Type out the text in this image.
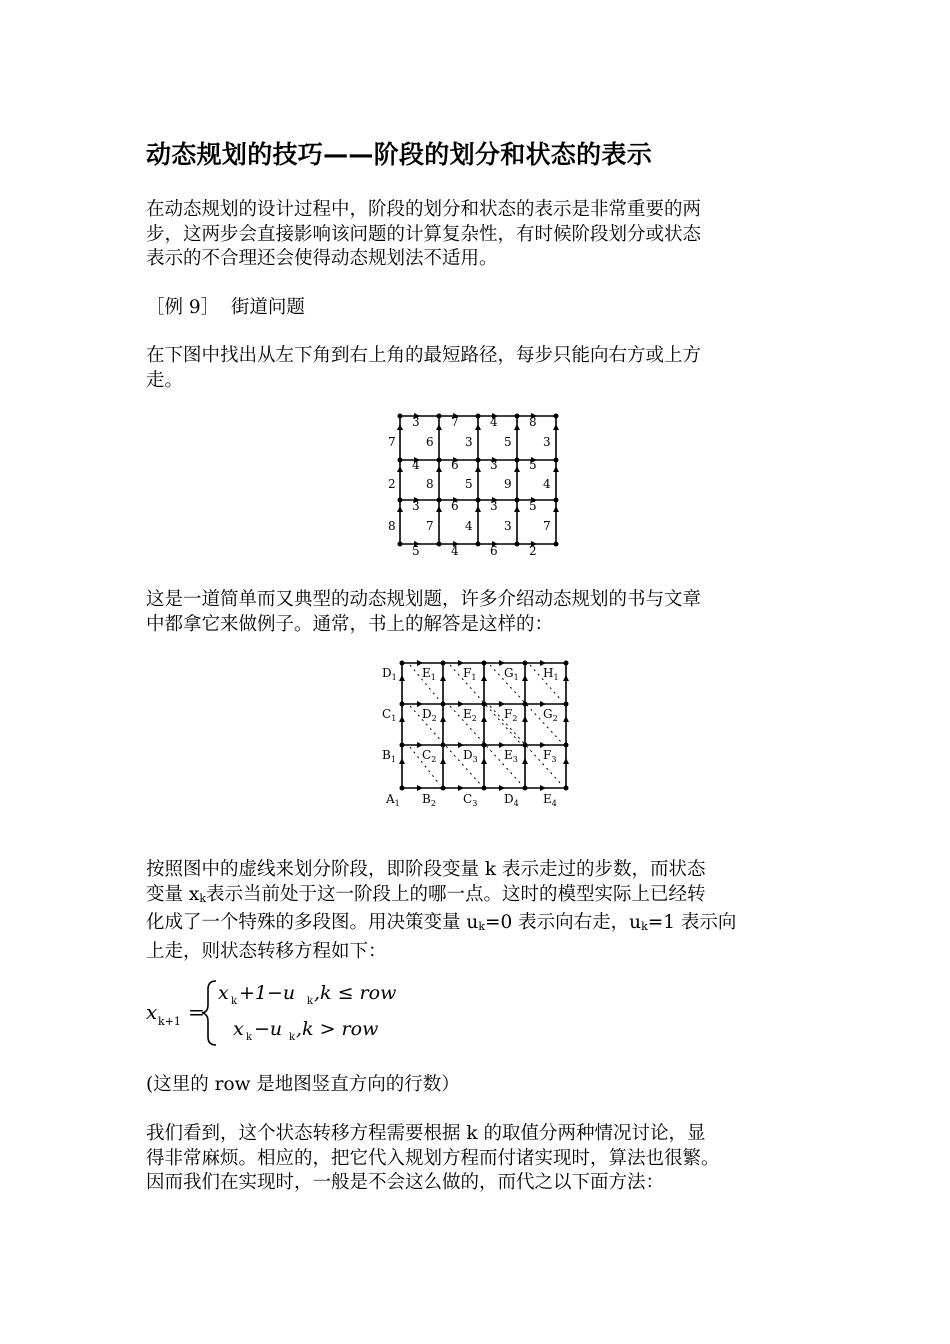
动态规划的技巧——阶段的划分和状态的表示
在动态规划的设计过程中，阶段的划分和状态的表示是非常重要的两
步，这两步会直接影响该问题的计算复杂性，有时候阶段划分或状态
表示的不合理还会使得动态规划法不适用。
［例 9］ 街道问题
在下图中找出从左下角到右上角的最短路径，每步只能向右方或上方
走。
3	7	4	8
7	6	3	5	3
4	6	3	5
2	8	5	9	4
3	6	3	5
8	7	4	3	7
5	4	6	2
这是一道简单而又典型的动态规划题，许多介绍动态规划的书与文章
中都拿它来做例子。通常，书上的解答是这样的：
$D_1$ $E_1$ $F_1$ $G_1$ $H_1$
$C_1$ $D_2$ $E_2$ $F_2$ $G_2$
$B_1$ $C_2$ $D_3$ $E_3$ $F_3$
$A_1$ $B_2$ $C_3$ $D_4$ $E_4$
按照图中的虚线来划分阶段，即阶段变量 k 表示走过的步数，而状态
变量 xk表示当前处于这一阶段上的哪一点。这时的模型实际上已经转
化成了一个特殊的多段图。用决策变量 uk=0 表示向右走，uk=1 表示向
上走，则状态转移方程如下：
x k+1 =
x k +1−u k ,k ≤ row
x k −u k ,k > row
(这里的 row 是地图竖直方向的行数）
我们看到，这个状态转移方程需要根据 k 的取值分两种情况讨论，显
得非常麻烦。相应的，把它代入规划方程而付诸实现时，算法也很繁。
因而我们在实现时，一般是不会这么做的，而代之以下面方法：
